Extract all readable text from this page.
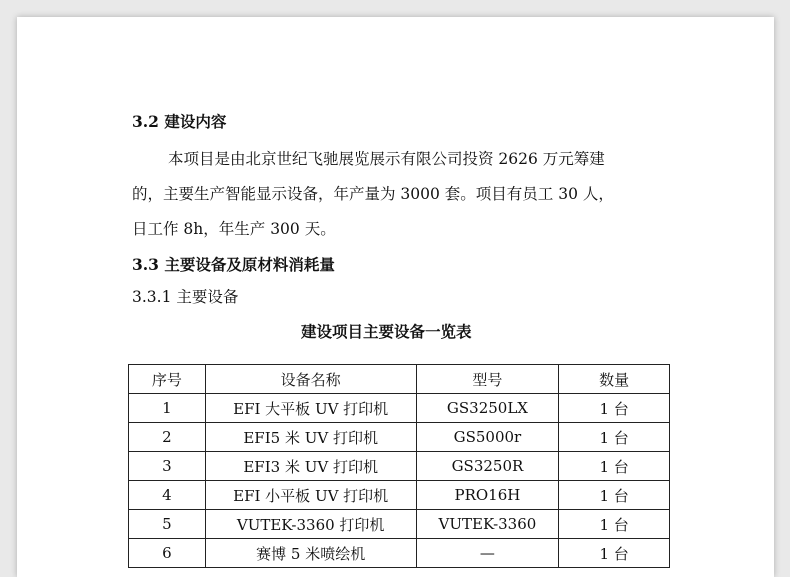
3.2 建设内容
本项目是由北京世纪飞驰展览展示有限公司投资 2626 万元筹建
的，主要生产智能显示设备，年产量为 3000 套。项目有员工 30 人，
日工作 8h，年生产 300 天。
3.3 主要设备及原材料消耗量
3.3.1 主要设备
建设项目主要设备一览表
序号	设备名称	型号	数量
1	EFI 大平板 UV 打印机	GS3250LX	1 台
2	EFI5 米 UV 打印机	GS5000r	1 台
3	EFI3 米 UV 打印机	GS3250R	1 台
4	EFI 小平板 UV 打印机	PRO16H	1 台
5	VUTEK-3360 打印机	VUTEK-3360	1 台
6	赛博 5 米喷绘机	—	1 台
